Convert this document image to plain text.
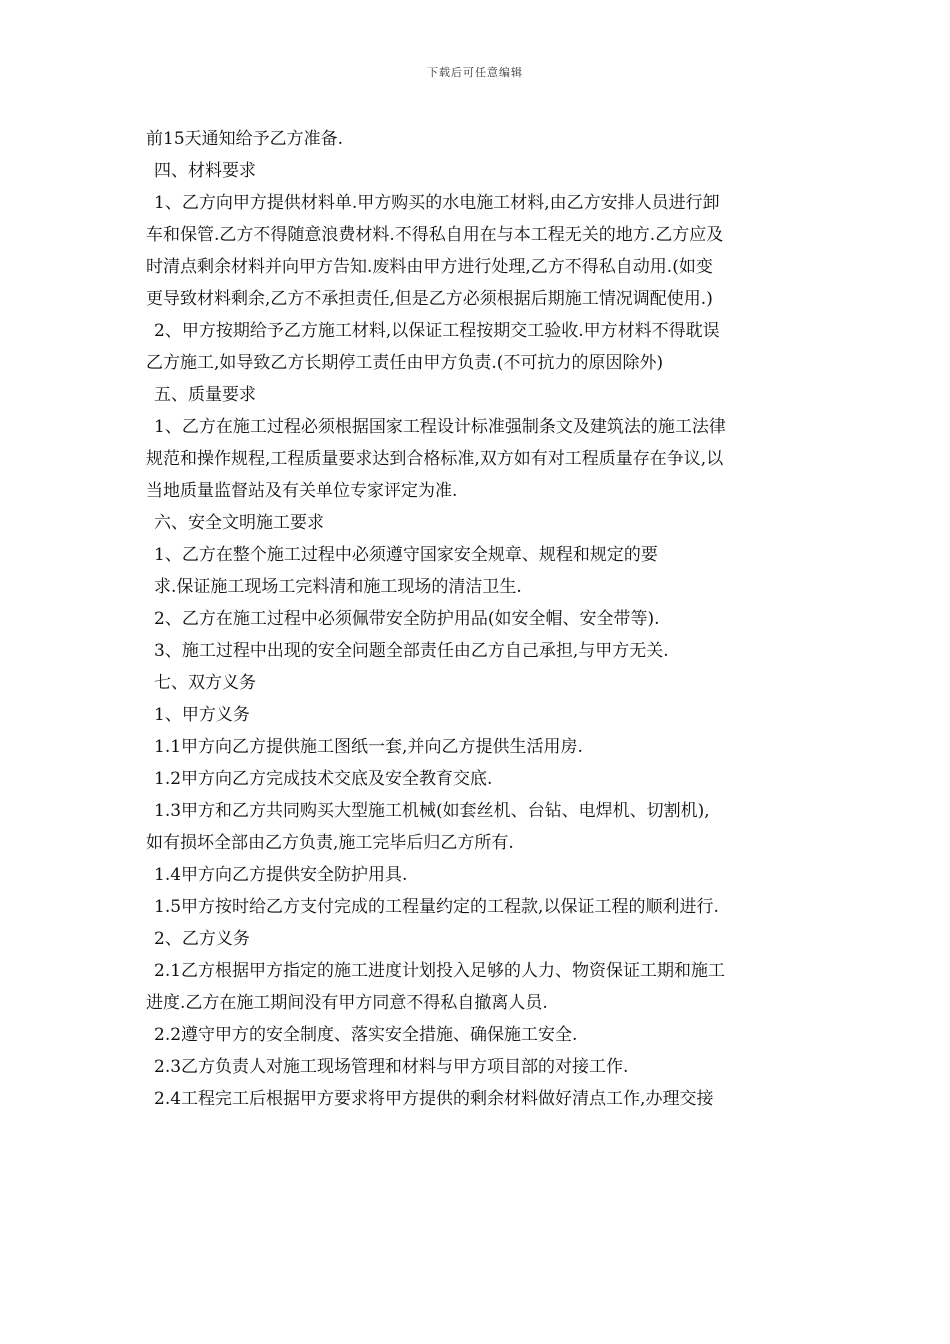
下载后可任意编辑
前15天通知给予乙方准备.
四、材料要求
1、乙方向甲方提供材料单.甲方购买的水电施工材料,由乙方安排人员进行卸
车和保管.乙方不得随意浪费材料.不得私自用在与本工程无关的地方.乙方应及
时清点剩余材料并向甲方告知.废料由甲方进行处理,乙方不得私自动用.(如变
更导致材料剩余,乙方不承担责任,但是乙方必须根据后期施工情况调配使用.)
2、甲方按期给予乙方施工材料,以保证工程按期交工验收.甲方材料不得耽误
乙方施工,如导致乙方长期停工责任由甲方负责.(不可抗力的原因除外)
五、质量要求
1、乙方在施工过程必须根据国家工程设计标准强制条文及建筑法的施工法律
规范和操作规程,工程质量要求达到合格标准,双方如有对工程质量存在争议,以
当地质量监督站及有关单位专家评定为准.
六、安全文明施工要求
1、乙方在整个施工过程中必须遵守国家安全规章、规程和规定的要
求.保证施工现场工完料清和施工现场的清洁卫生.
2、乙方在施工过程中必须佩带安全防护用品(如安全帽、安全带等).
3、施工过程中出现的安全问题全部责任由乙方自己承担,与甲方无关.
七、双方义务
1、甲方义务
1.1甲方向乙方提供施工图纸一套,并向乙方提供生活用房.
1.2甲方向乙方完成技术交底及安全教育交底.
1.3甲方和乙方共同购买大型施工机械(如套丝机、台钻、电焊机、切割机),
如有损坏全部由乙方负责,施工完毕后归乙方所有.
1.4甲方向乙方提供安全防护用具.
1.5甲方按时给乙方支付完成的工程量约定的工程款,以保证工程的顺利进行.
2、乙方义务
2.1乙方根据甲方指定的施工进度计划投入足够的人力、物资保证工期和施工
进度.乙方在施工期间没有甲方同意不得私自撤离人员.
2.2遵守甲方的安全制度、落实安全措施、确保施工安全.
2.3乙方负责人对施工现场管理和材料与甲方项目部的对接工作.
2.4工程完工后根据甲方要求将甲方提供的剩余材料做好清点工作,办理交接
